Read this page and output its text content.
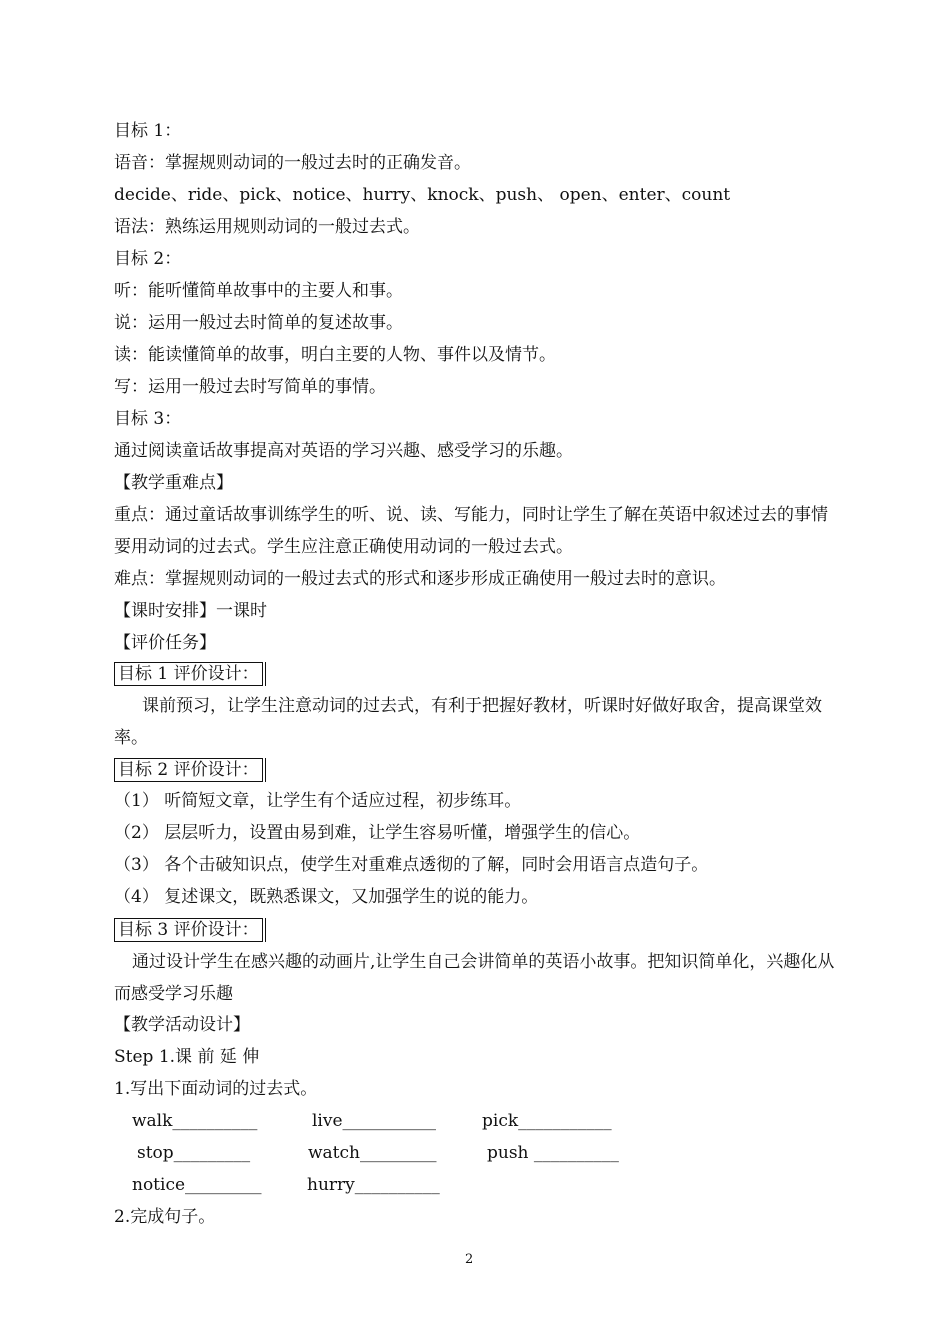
目标 1：
语音：掌握规则动词的一般过去时的正确发音。
decide、ride、pick、notice、hurry、knock、push、 open、enter、count
语法：熟练运用规则动词的一般过去式。
目标 2：
听：能听懂简单故事中的主要人和事。
说：运用一般过去时简单的复述故事。
读：能读懂简单的故事，明白主要的人物、事件以及情节。
写：运用一般过去时写简单的事情。
目标 3：
通过阅读童话故事提高对英语的学习兴趣、感受学习的乐趣。
【教学重难点】
重点：通过童话故事训练学生的听、说、读、写能力，同时让学生了解在英语中叙述过去的事情要用动词的过去式。学生应注意正确使用动词的一般过去式。
难点：掌握规则动词的一般过去式的形式和逐步形成正确使用一般过去时的意识。
【课时安排】一课时
【评价任务】
目标 1 评价设计：
课前预习，让学生注意动词的过去式，有利于把握好教材，听课时好做好取舍，提高课堂效率。
目标 2 评价设计：
（1） 听简短文章，让学生有个适应过程，初步练耳。
（2） 层层听力，设置由易到难，让学生容易听懂，增强学生的信心。
（3） 各个击破知识点，使学生对重难点透彻的了解，同时会用语言点造句子。
（4） 复述课文，既熟悉课文，又加强学生的说的能力。
目标 3 评价设计：
通过设计学生在感兴趣的动画片,让学生自己会讲简单的英语小故事。把知识简单化，兴趣化从而感受学习乐趣
【教学活动设计】
Step 1.课 前 延 伸
1.写出下面动词的过去式。
walk__________	live___________	pick___________
stop_________	watch_________	push __________
notice_________	hurry__________
2.完成句子。
2
